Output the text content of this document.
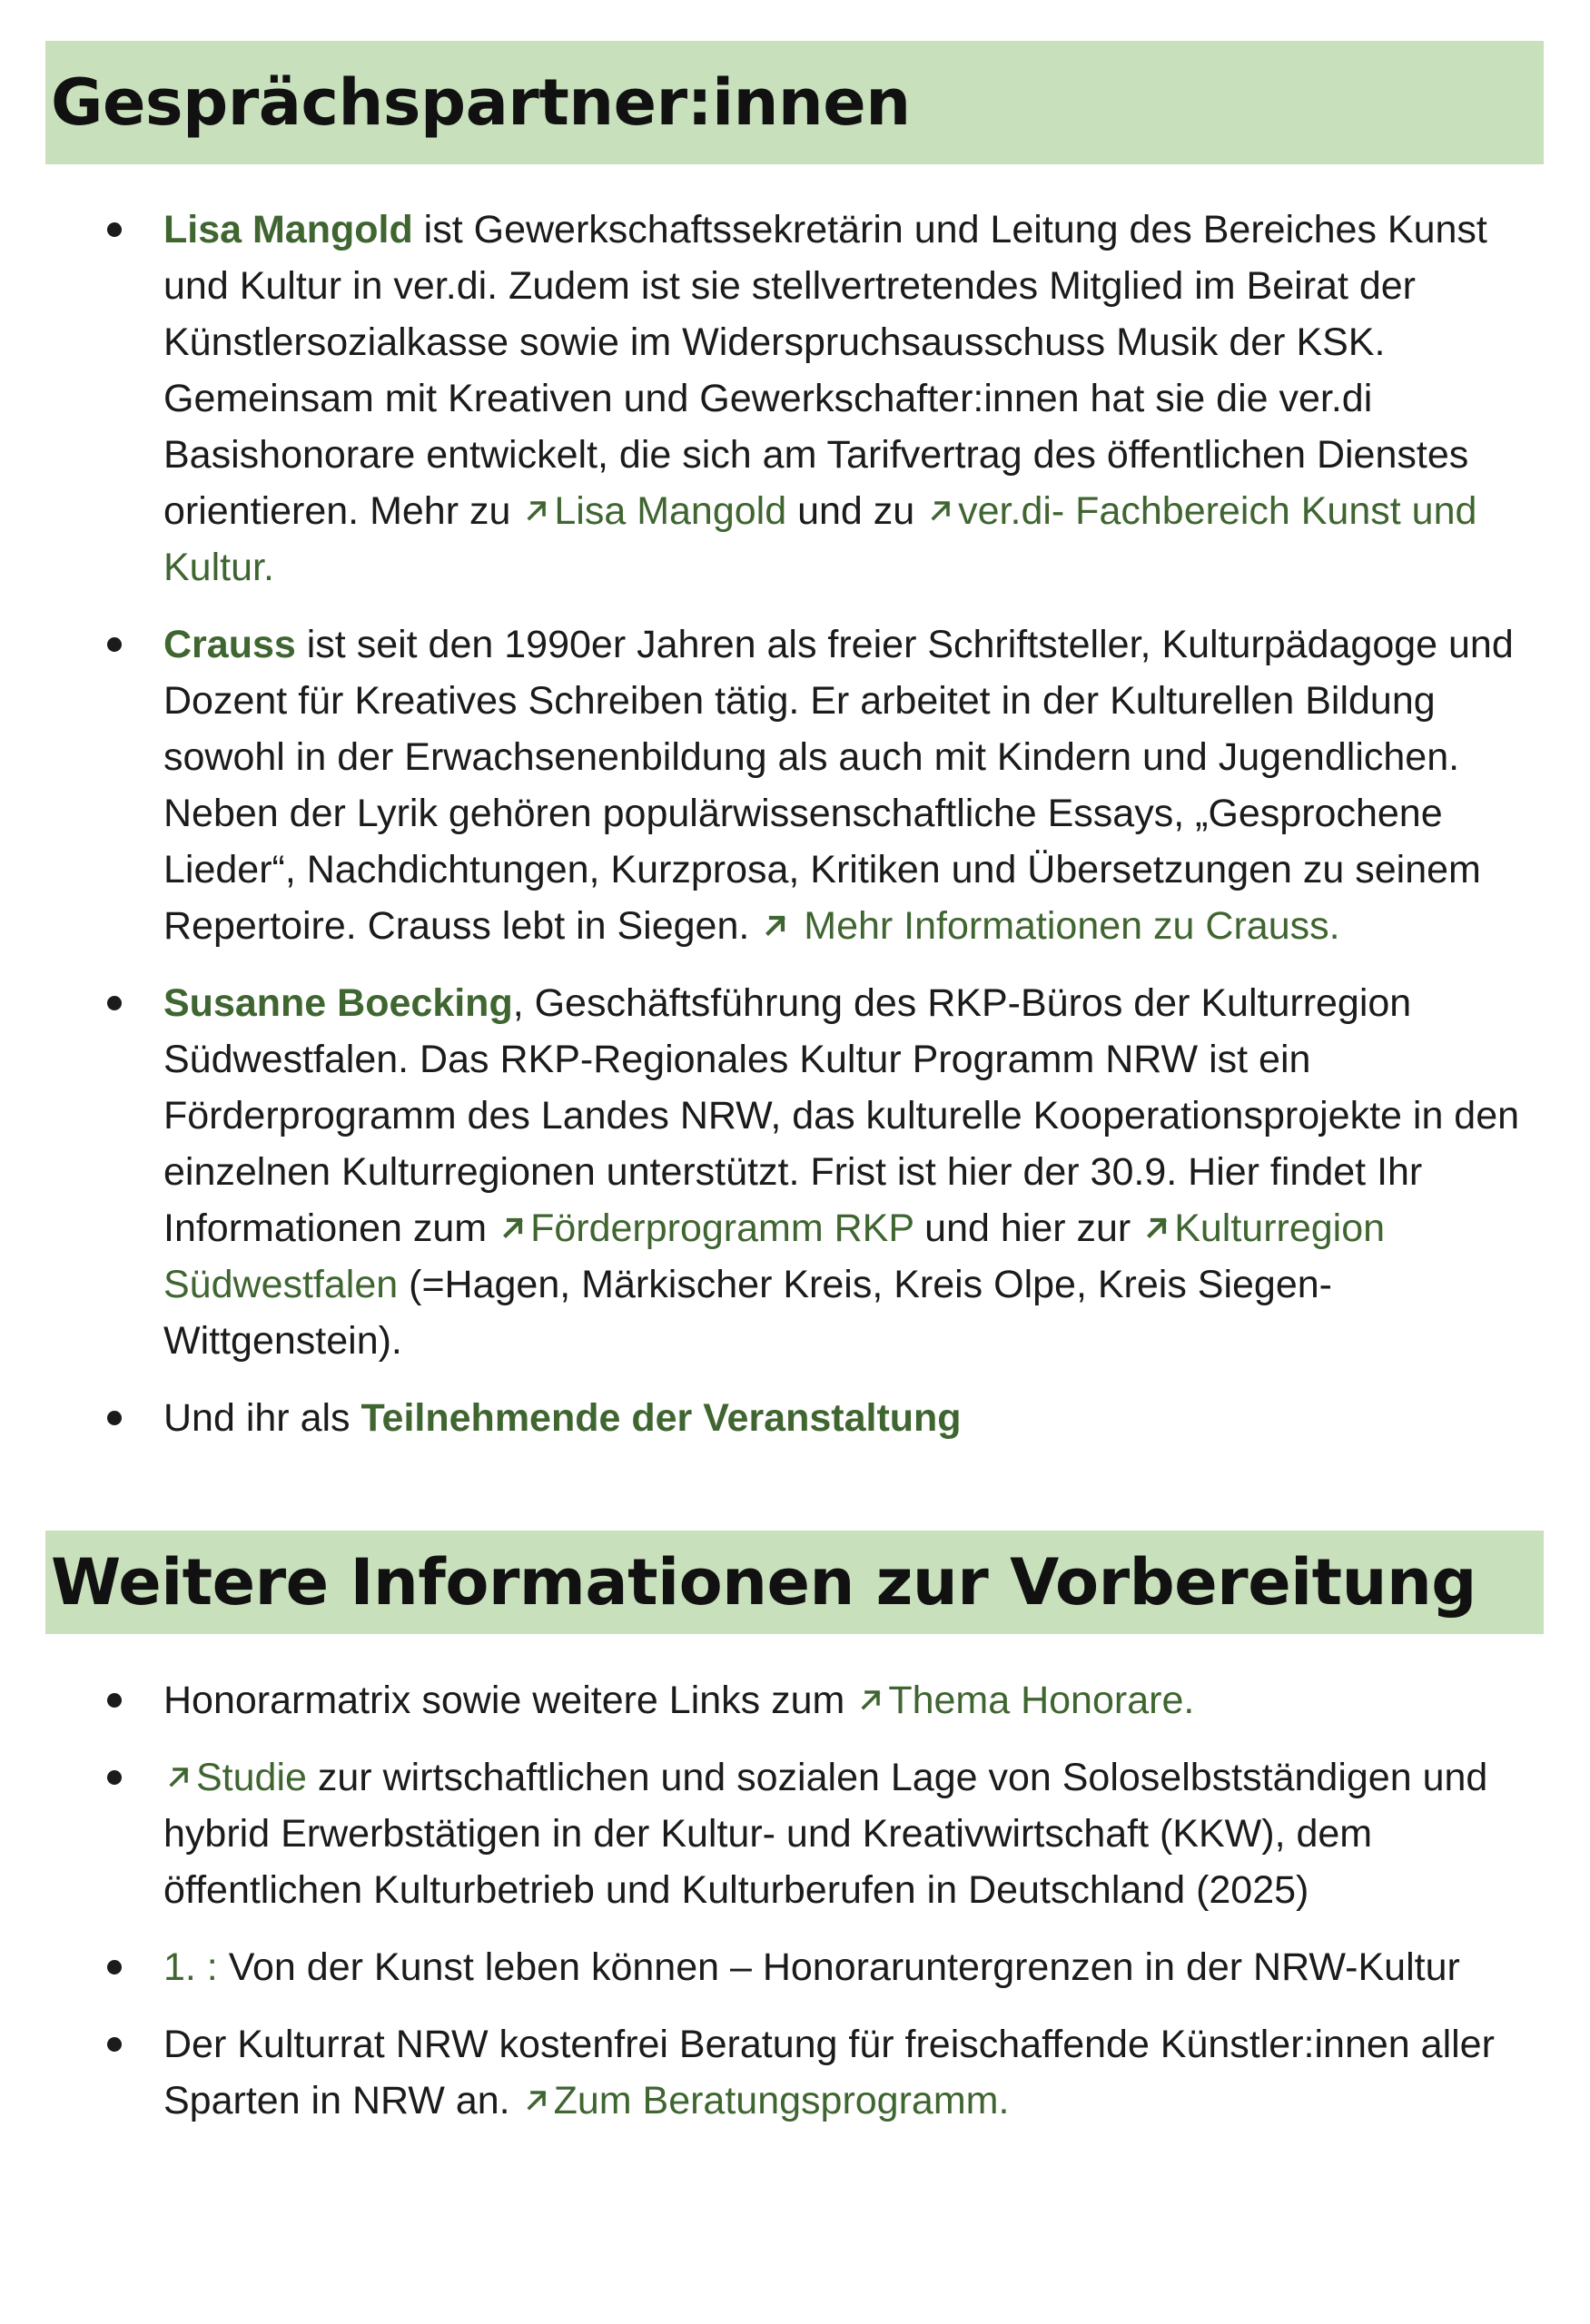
Gesprächspartner:innen
Lisa Mangold ist Gewerkschaftssekretärin und Leitung des Bereiches Kunst und Kultur in ver.di. Zudem ist sie stellvertretendes Mitglied im Beirat der Künstlersozialkasse sowie im Widerspruchsausschuss Musik der KSK. Gemeinsam mit Kreativen und Gewerkschafter:innen hat sie die ver.di Basishonorare entwickelt, die sich am Tarifvertrag des öffentlichen Dienstes orientieren. Mehr zu
Lisa Mangold und zu
ver.di- Fachbereich Kunst und Kultur.
Crauss ist seit den 1990er Jahren als freier Schriftsteller, Kulturpädagoge und Dozent für Kreatives Schreiben tätig. Er arbeitet in der Kulturellen Bildung sowohl in der Erwachsenenbildung als auch mit Kindern und Jugendlichen. Neben der Lyrik gehören populärwissenschaftliche Essays, „Gesprochene Lieder“, Nachdichtungen, Kurzprosa, Kritiken und Übersetzungen zu seinem Repertoire. Crauss lebt in Siegen.
Mehr Informationen zu Crauss.
Susanne Boecking, Geschäftsführung des RKP-Büros der Kulturregion Südwestfalen. Das RKP-Regionales Kultur Programm NRW ist ein Förderprogramm des Landes NRW, das kulturelle Kooperationsprojekte in den einzelnen Kulturregionen unterstützt. Frist ist hier der 30.9. Hier findet Ihr Informationen zum
Förderprogramm RKP und hier zur
Kulturregion Südwestfalen (=Hagen, Märkischer Kreis, Kreis Olpe, Kreis Siegen-Wittgenstein).
Und ihr als Teilnehmende der Veranstaltung
Weitere Informationen zur Vorbereitung
Honorarmatrix sowie weitere Links zum
Thema Honorare.
Studie zur wirtschaftlichen und sozialen Lage von Soloselbstständigen und hybrid Erwerbstätigen in der Kultur- und Kreativwirtschaft (KKW), dem öffentlichen Kulturbetrieb und Kulturberufen in Deutschland (2025)
1. : Von der Kunst leben können – Honoraruntergrenzen in der NRW-Kultur
Der Kulturrat NRW kostenfrei Beratung für freischaffende Künstler:innen aller Sparten in NRW an.
Zum Beratungsprogramm.
